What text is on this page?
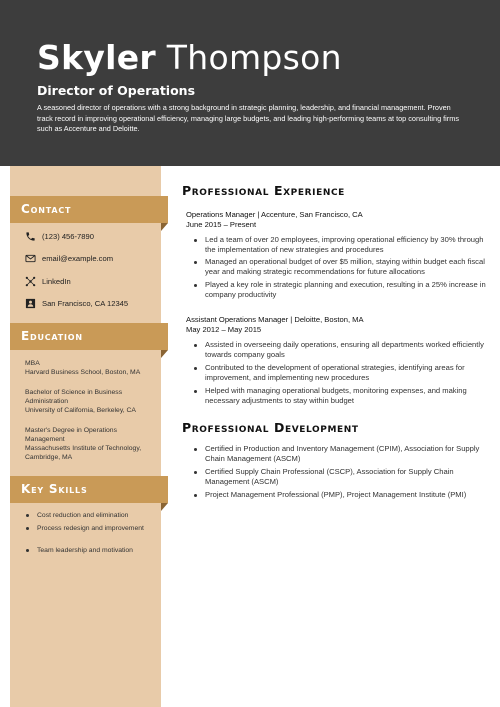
Skyler Thompson
Director of Operations
A seasoned director of operations with a strong background in strategic planning, leadership, and financial management. Proven track record in improving operational efficiency, managing large budgets, and leading high-performing teams at top consulting firms such as Accenture and Deloitte.
Contact
(123) 456-7890
email@example.com
LinkedIn
San Francisco, CA 12345
Education
MBA
Harvard Business School, Boston, MA
Bachelor of Science in Business Administration
University of California, Berkeley, CA
Master's Degree in Operations Management
Massachusetts Institute of Technology, Cambridge, MA
Key Skills
Cost reduction and elimination
Process redesign and improvement
Team leadership and motivation
Professional Experience
Operations Manager | Accenture, San Francisco, CA
June 2015 – Present
Led a team of over 20 employees, improving operational efficiency by 30% through the implementation of new strategies and procedures
Managed an operational budget of over $5 million, staying within budget each fiscal year and making strategic recommendations for future allocations
Played a key role in strategic planning and execution, resulting in a 25% increase in company productivity
Assistant Operations Manager | Deloitte, Boston, MA
May 2012 – May 2015
Assisted in overseeing daily operations, ensuring all departments worked efficiently towards company goals
Contributed to the development of operational strategies, identifying areas for improvement, and implementing new procedures
Helped with managing operational budgets, monitoring expenses, and making necessary adjustments to stay within budget
Professional Development
Certified in Production and Inventory Management (CPIM), Association for Supply Chain Management (ASCM)
Certified Supply Chain Professional (CSCP), Association for Supply Chain Management (ASCM)
Project Management Professional (PMP), Project Management Institute (PMI)
